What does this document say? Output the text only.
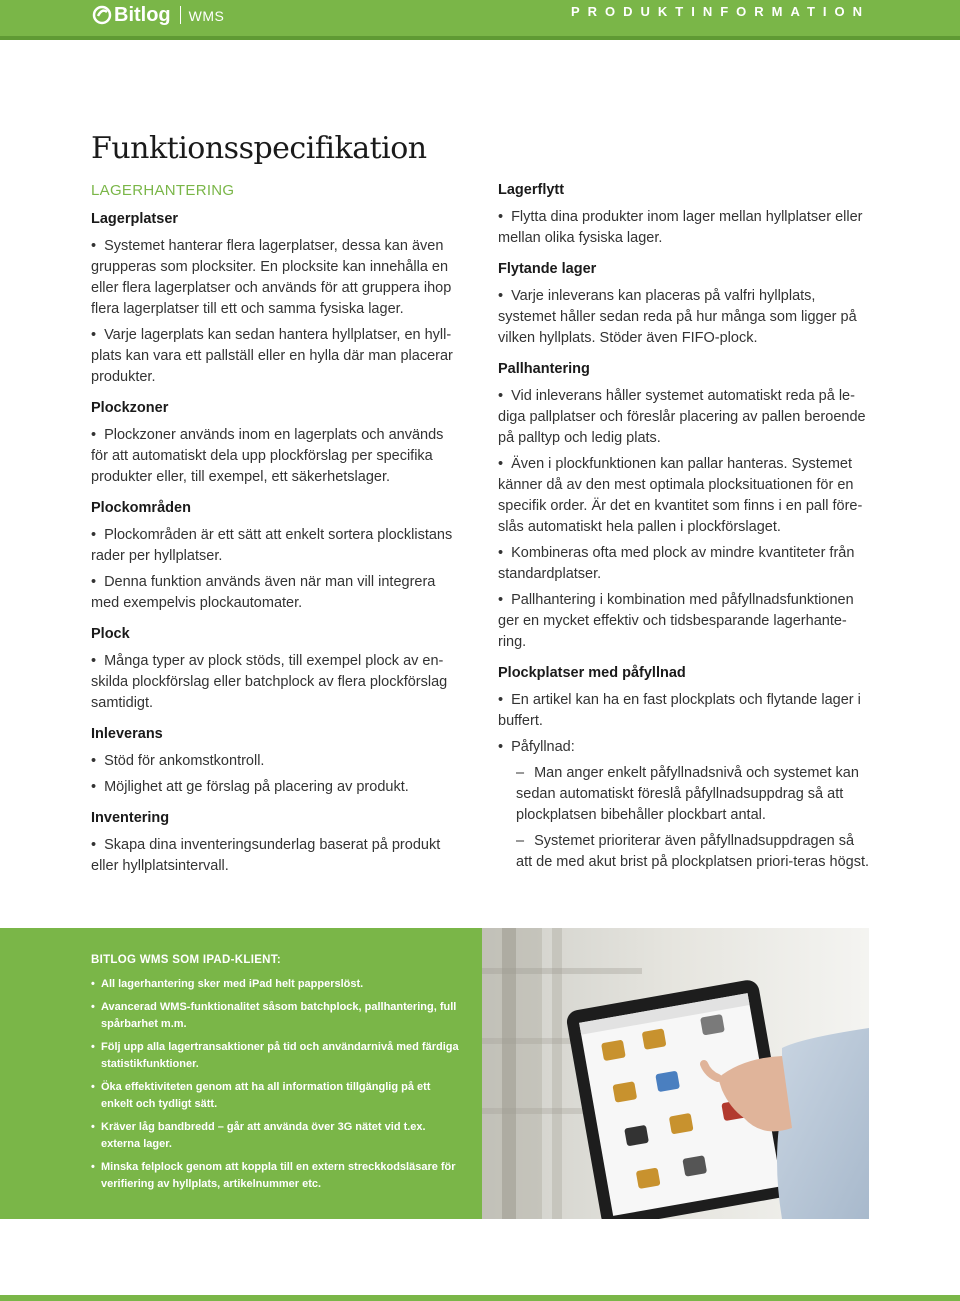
Bitlog WMS	PRODUKTINFORMATION
Funktionsspecifikation
LAGERHANTERING
Lagerplatser
• Systemet hanterar flera lagerplatser, dessa kan även grupperas som plocksiter. En plocksite kan innehålla en eller flera lagerplatser och används för att gruppera ihop flera lagerplatser till ett och samma fysiska lager.
• Varje lagerplats kan sedan hantera hyllplatser, en hyll-plats kan vara ett pallställ eller en hylla där man placerar produkter.
Plockzoner
• Plockzoner används inom en lagerplats och används för att automatiskt dela upp plockförslag per specifika produkter eller, till exempel, ett säkerhetslager.
Plockområden
• Plockområden är ett sätt att enkelt sortera plocklistans rader per hyllplatser.
• Denna funktion används även när man vill integrera med exempelvis plockautomater.
Plock
• Många typer av plock stöds, till exempel plock av en-skilda plockförslag eller batchplock av flera plockförslag samtidigt.
Inleverans
• Stöd för ankomstkontroll.
• Möjlighet att ge förslag på placering av produkt.
Inventering
• Skapa dina inventeringsunderlag baserat på produkt eller hyllplatsintervall.
Lagerflytt
• Flytta dina produkter inom lager mellan hyllplatser eller mellan olika fysiska lager.
Flytande lager
• Varje inleverans kan placeras på valfri hyllplats, systemet håller sedan reda på hur många som ligger på vilken hyllplats. Stöder även FIFO-plock.
Pallhantering
• Vid inleverans håller systemet automatiskt reda på le-diga pallplatser och föreslår placering av pallen beroende på palltyp och ledig plats.
• Även i plockfunktionen kan pallar hanteras. Systemet känner då av den mest optimala plocksituationen för en specifik order. Är det en kvantitet som finns i en pall före-slås automatiskt hela pallen i plockförslaget.
• Kombineras ofta med plock av mindre kvantiteter från standardplatser.
• Pallhantering i kombination med påfyllnadsfunktionen ger en mycket effektiv och tidsbesparande lagerhante-ring.
Plockplatser med påfyllnad
• En artikel kan ha en fast plockplats och flytande lager i buffert.
• Påfyllnad:
– Man anger enkelt påfyllnadsnivå och systemet kan sedan automatiskt föreslå påfyllnadsuppdrag så att plockplatsen bibehåller plockbart antal.
– Systemet prioriterar även påfyllnadsuppdragen så att de med akut brist på plockplatsen priori-teras högst.
BITLOG WMS SOM IPAD-KLIENT:
• All lagerhantering sker med iPad helt papperslöst.
• Avancerad WMS-funktionalitet såsom batchplock, pallhantering, full spårbarhet m.m.
• Följ upp alla lagertransaktioner på tid och användarnivå med färdiga statistikfunktioner.
• Öka effektiviteten genom att ha all information tillgänglig på ett enkelt och tydligt sätt.
• Kräver låg bandbredd – går att använda över 3G nätet vid t.ex. externa lager.
• Minska felplock genom att koppla till en extern streckkodsläsare för verifiering av hyllplats, artikelnummer etc.
